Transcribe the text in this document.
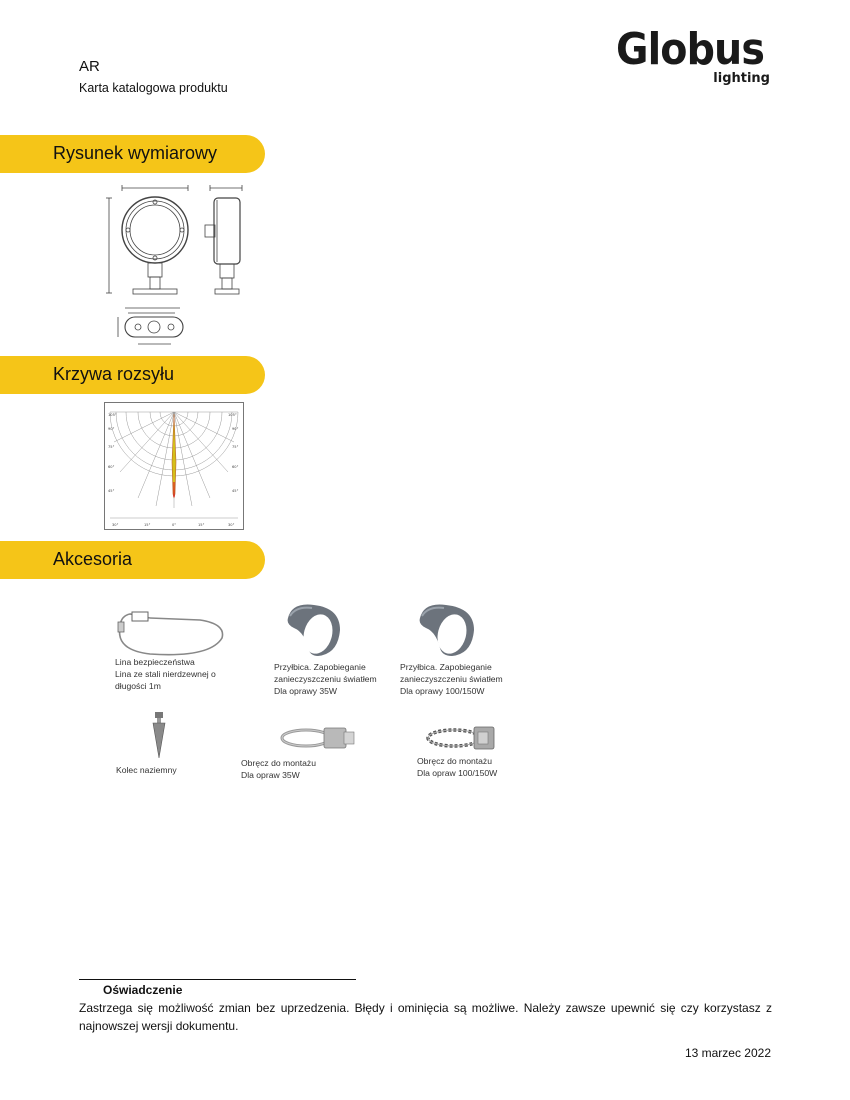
AR
Karta katalogowa produktu
Globus
lighting
Rysunek wymiarowy
Krzywa rozsyłu
105°	105°
90°	90°
75°	75°
60°	60°
45°	45°
30°	15°	0°	15°	30°
Akcesoria
Lina bezpieczeństwa
Lina ze stali nierdzewnej o
długości 1m
Przyłbica. Zapobieganie
zanieczyszczeniu światłem
Dla oprawy 35W
Przyłbica. Zapobieganie
zanieczyszczeniu światłem
Dla oprawy 100/150W
Kolec naziemny
Obręcz do montażu
Dla opraw 35W
Obręcz do montażu
Dla opraw 100/150W
Oświadczenie
Zastrzega się możliwość zmian bez uprzedzenia. Błędy i ominięcia są możliwe. Należy zawsze upewnić się czy korzystasz z najnowszej wersji dokumentu.
13 marzec 2022
